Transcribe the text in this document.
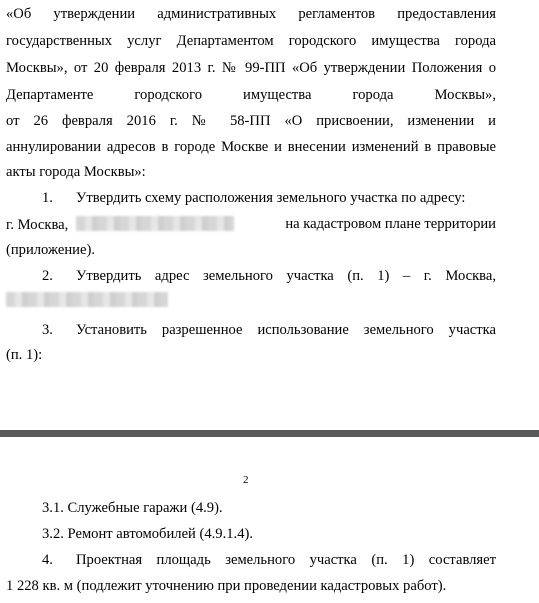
«Об утверждении административных регламентов предоставления
государственных услуг Департаментом городского имущества города
Москвы», от 20 февраля 2013 г. № 99-ПП «Об утверждении Положения о
Департаменте городского имущества города Москвы»,
от 26 февраля 2016 г. № 58-ПП «О присвоении, изменении и
аннулировании адресов в городе Москве и внесении изменений в правовые
акты города Москвы»:
1. Утвердить схему расположения земельного участка по адресу:
г. Москва,	на кадастровом плане территории
(приложение).
2. Утвердить адрес земельного участка (п. 1) – г. Москва,
3. Установить разрешенное использование земельного участка
(п. 1):
2
3.1. Служебные гаражи (4.9).
3.2. Ремонт автомобилей (4.9.1.4).
4. Проектная площадь земельного участка (п. 1) составляет
1 228 кв. м (подлежит уточнению при проведении кадастровых работ).
